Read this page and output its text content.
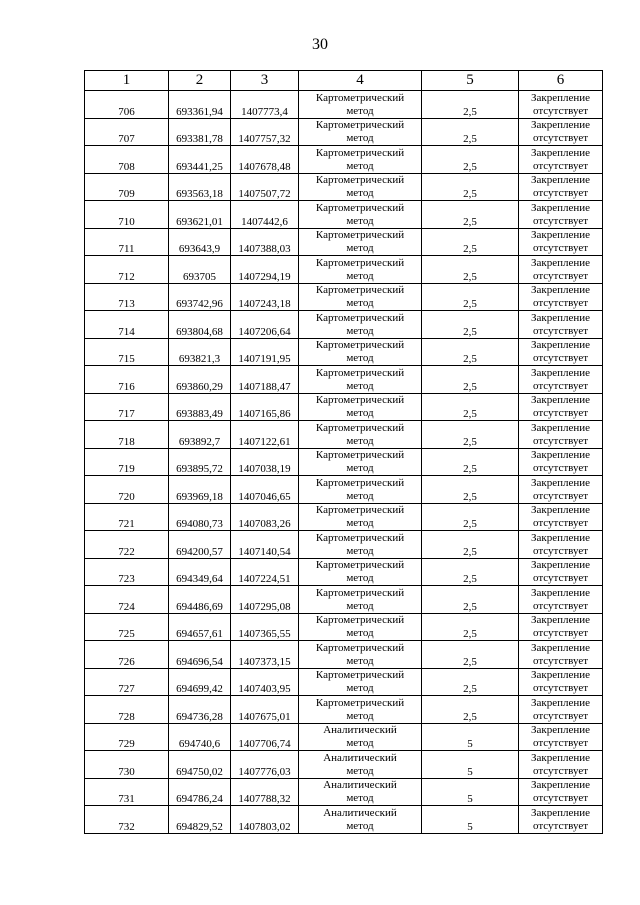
30
1	2	3	4	5	6
706	693361,94	1407773,4	Картометрический
метод	2,5	Закрепление
отсутствует

707	693381,78	1407757,32	Картометрический
метод	2,5	Закрепление
отсутствует

708	693441,25	1407678,48	Картометрический
метод	2,5	Закрепление
отсутствует

709	693563,18	1407507,72	Картометрический
метод	2,5	Закрепление
отсутствует

710	693621,01	1407442,6	Картометрический
метод	2,5	Закрепление
отсутствует

711	693643,9	1407388,03	Картометрический
метод	2,5	Закрепление
отсутствует

712	693705	1407294,19	Картометрический
метод	2,5	Закрепление
отсутствует

713	693742,96	1407243,18	Картометрический
метод	2,5	Закрепление
отсутствует

714	693804,68	1407206,64	Картометрический
метод	2,5	Закрепление
отсутствует

715	693821,3	1407191,95	Картометрический
метод	2,5	Закрепление
отсутствует

716	693860,29	1407188,47	Картометрический
метод	2,5	Закрепление
отсутствует

717	693883,49	1407165,86	Картометрический
метод	2,5	Закрепление
отсутствует

718	693892,7	1407122,61	Картометрический
метод	2,5	Закрепление
отсутствует

719	693895,72	1407038,19	Картометрический
метод	2,5	Закрепление
отсутствует

720	693969,18	1407046,65	Картометрический
метод	2,5	Закрепление
отсутствует

721	694080,73	1407083,26	Картометрический
метод	2,5	Закрепление
отсутствует

722	694200,57	1407140,54	Картометрический
метод	2,5	Закрепление
отсутствует

723	694349,64	1407224,51	Картометрический
метод	2,5	Закрепление
отсутствует

724	694486,69	1407295,08	Картометрический
метод	2,5	Закрепление
отсутствует

725	694657,61	1407365,55	Картометрический
метод	2,5	Закрепление
отсутствует

726	694696,54	1407373,15	Картометрический
метод	2,5	Закрепление
отсутствует

727	694699,42	1407403,95	Картометрический
метод	2,5	Закрепление
отсутствует

728	694736,28	1407675,01	Картометрический
метод	2,5	Закрепление
отсутствует

729	694740,6	1407706,74	Аналитический
метод	5	Закрепление
отсутствует

730	694750,02	1407776,03	Аналитический
метод	5	Закрепление
отсутствует

731	694786,24	1407788,32	Аналитический
метод	5	Закрепление
отсутствует

732	694829,52	1407803,02	Аналитический
метод	5	Закрепление
отсутствует
